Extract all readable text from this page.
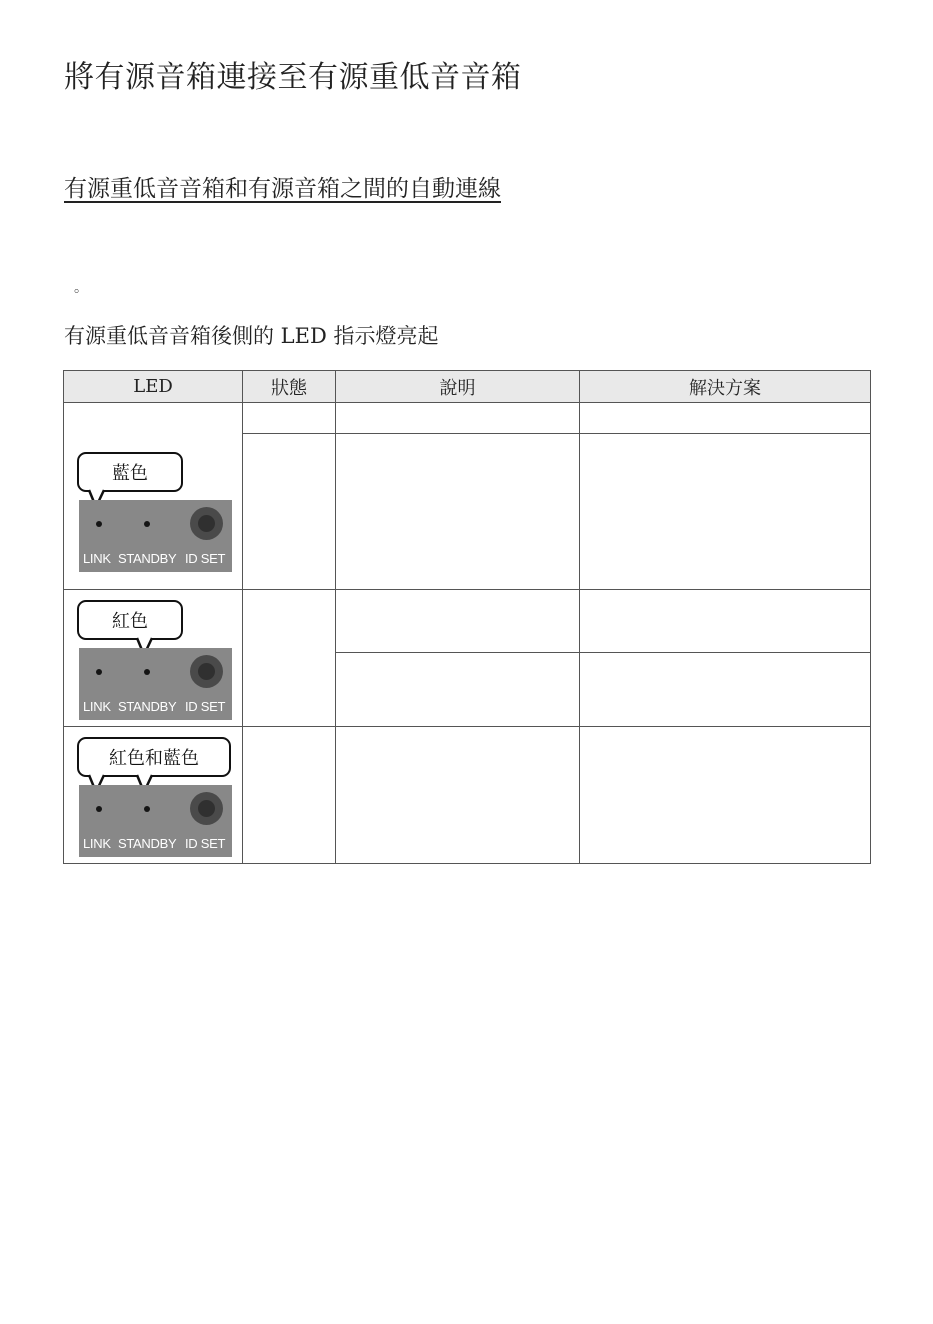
將有源音箱連接至有源重低音音箱
有源重低音音箱和有源音箱之間的自動連線
。
有源重低音音箱後側的 LED 指示燈亮起
LED	狀態	說明	解決方案

藍色
LINK STANDBY ID SET			

紅色
LINK STANDBY ID SET			

紅色和藍色
LINK STANDBY ID SET			
